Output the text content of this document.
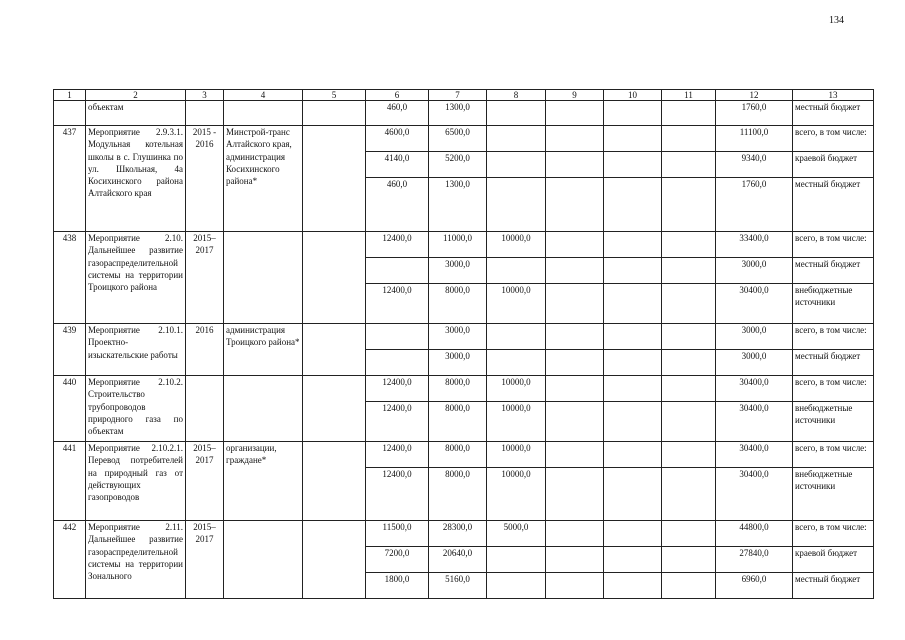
134
1	2	3	4	5	6	7	8	9	10	11	12	13
	объектам				460,0	1300,0					1760,0	местный бюджет
437	Мероприятие 2.9.3.1. Модульная котельная школы в с. Глушинка по ул. Школьная, 4а Косихинского района Алтайского края	2015 - 2016	Минстрой-транс Алтайского края, администрация Косихинского района*		4600,0	6500,0					11100,0	всего, в том числе:
					4140,0	5200,0					9340,0	краевой бюджет
					460,0	1300,0					1760,0	местный бюджет
438	Мероприятие 2.10. Дальнейшее развитие газораспределительной системы на территории Троицкого района	2015– 2017			12400,0	11000,0	10000,0				33400,0	всего, в том числе:
						3000,0					3000,0	местный бюджет
					12400,0	8000,0	10000,0				30400,0	внебюджетные источники
439	Мероприятие 2.10.1. Проектно-изыскательские работы	2016	администрация Троицкого района*			3000,0					3000,0	всего, в том числе:
						3000,0					3000,0	местный бюджет
440	Мероприятие 2.10.2. Строительство трубопроводов природного газа по объектам				12400,0	8000,0	10000,0				30400,0	всего, в том числе:
					12400,0	8000,0	10000,0				30400,0	внебюджетные источники
441	Мероприятие 2.10.2.1. Перевод потребителей на природный газ от действующих газопроводов	2015– 2017	организации, граждане*		12400,0	8000,0	10000,0				30400,0	всего, в том числе:
					12400,0	8000,0	10000,0				30400,0	внебюджетные источники
442	Мероприятие 2.11. Дальнейшее развитие газораспределительной системы на территории Зонального	2015– 2017			11500,0	28300,0	5000,0				44800,0	всего, в том числе:
					7200,0	20640,0					27840,0	краевой бюджет
					1800,0	5160,0					6960,0	местный бюджет
